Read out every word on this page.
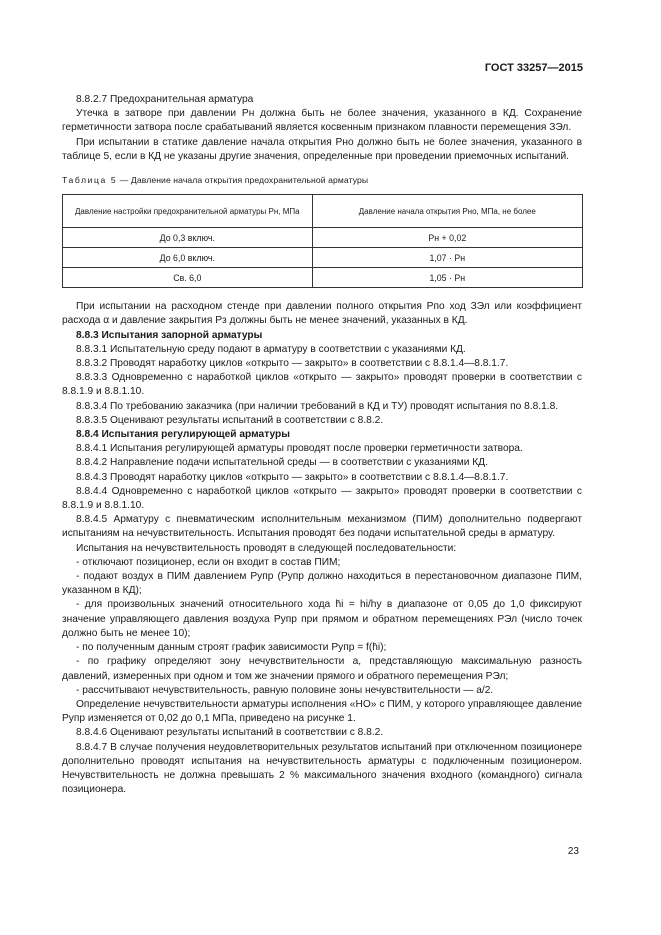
ГОСТ 33257—2015

8.8.2.7 Предохранительная арматура

Утечка в затворе при давлении Pн должна быть не более значения, указанного в КД. Сохранение герметичности затвора после срабатываний является косвенным признаком плавности перемещения ЗЭл.

При испытании в статике давление начала открытия Pно должно быть не более значения, указанного в таблице 5, если в КД не указаны другие значения, определенные при проведении приемочных испытаний.

Таблица 5 — Давление начала открытия предохранительной арматуры
Давление настройки предохранительной арматуры Pн, МПа	Давление начала открытия Pно, МПа, не более
До 0,3 включ.	Pн + 0,02
До 6,0 включ.	1,07 · Pн
Св. 6,0	1,05 · Pн

При испытании на расходном стенде при давлении полного открытия Pпо ход ЗЭл или коэффициент расхода α и давление закрытия Pз должны быть не менее значений, указанных в КД.

8.8.3 Испытания запорной арматуры

8.8.3.1 Испытательную среду подают в арматуру в соответствии с указаниями КД.

8.8.3.2 Проводят наработку циклов «открыто — закрыто» в соответствии с 8.8.1.4—8.8.1.7.

8.8.3.3 Одновременно с наработкой циклов «открыто — закрыто» проводят проверки в соответствии с 8.8.1.9 и 8.8.1.10.

8.8.3.4 По требованию заказчика (при наличии требований в КД и ТУ) проводят испытания по 8.8.1.8.

8.8.3.5 Оценивают результаты испытаний в соответствии с 8.8.2.

8.8.4 Испытания регулирующей арматуры

8.8.4.1 Испытания регулирующей арматуры проводят после проверки герметичности затвора.

8.8.4.2 Направление подачи испытательной среды — в соответствии с указаниями КД.

8.8.4.3 Проводят наработку циклов «открыто — закрыто» в соответствии с 8.8.1.4—8.8.1.7.

8.8.4.4 Одновременно с наработкой циклов «открыто — закрыто» проводят проверки в соответствии с 8.8.1.9 и 8.8.1.10.

8.8.4.5 Арматуру с пневматическим исполнительным механизмом (ПИМ) дополнительно подвергают испытаниям на нечувствительность. Испытания проводят без подачи испытательной среды в арматуру.

Испытания на нечувствительность проводят в следующей последовательности:

- отключают позиционер, если он входит в состав ПИМ;

- подают воздух в ПИМ давлением Pупр (Pупр должно находиться в перестановочном диапазоне ПИМ, указанном в КД);

- для произвольных значений относительного хода h̄i = hi/hy в диапазоне от 0,05 до 1,0 фиксируют значение управляющего давления воздуха Pупр при прямом и обратном перемещениях РЭл (число точек должно быть не менее 10);

- по полученным данным строят график зависимости Pупр = f(h̄i);

- по графику определяют зону нечувствительности a, представляющую максимальную разность давлений, измеренных при одном и том же значении прямого и обратного перемещения РЭл;

- рассчитывают нечувствительность, равную половине зоны нечувствительности — a/2.

Определение нечувствительности арматуры исполнения «НО» с ПИМ, у которого управляющее давление Pупр изменяется от 0,02 до 0,1 МПа, приведено на рисунке 1.

8.8.4.6 Оценивают результаты испытаний в соответствии с 8.8.2.

8.8.4.7 В случае получения неудовлетворительных результатов испытаний при отключенном позиционере дополнительно проводят испытания на нечувствительность арматуры с подключенным позиционером. Нечувствительность не должна превышать 2 % максимального значения входного (командного) сигнала позиционера.

23
